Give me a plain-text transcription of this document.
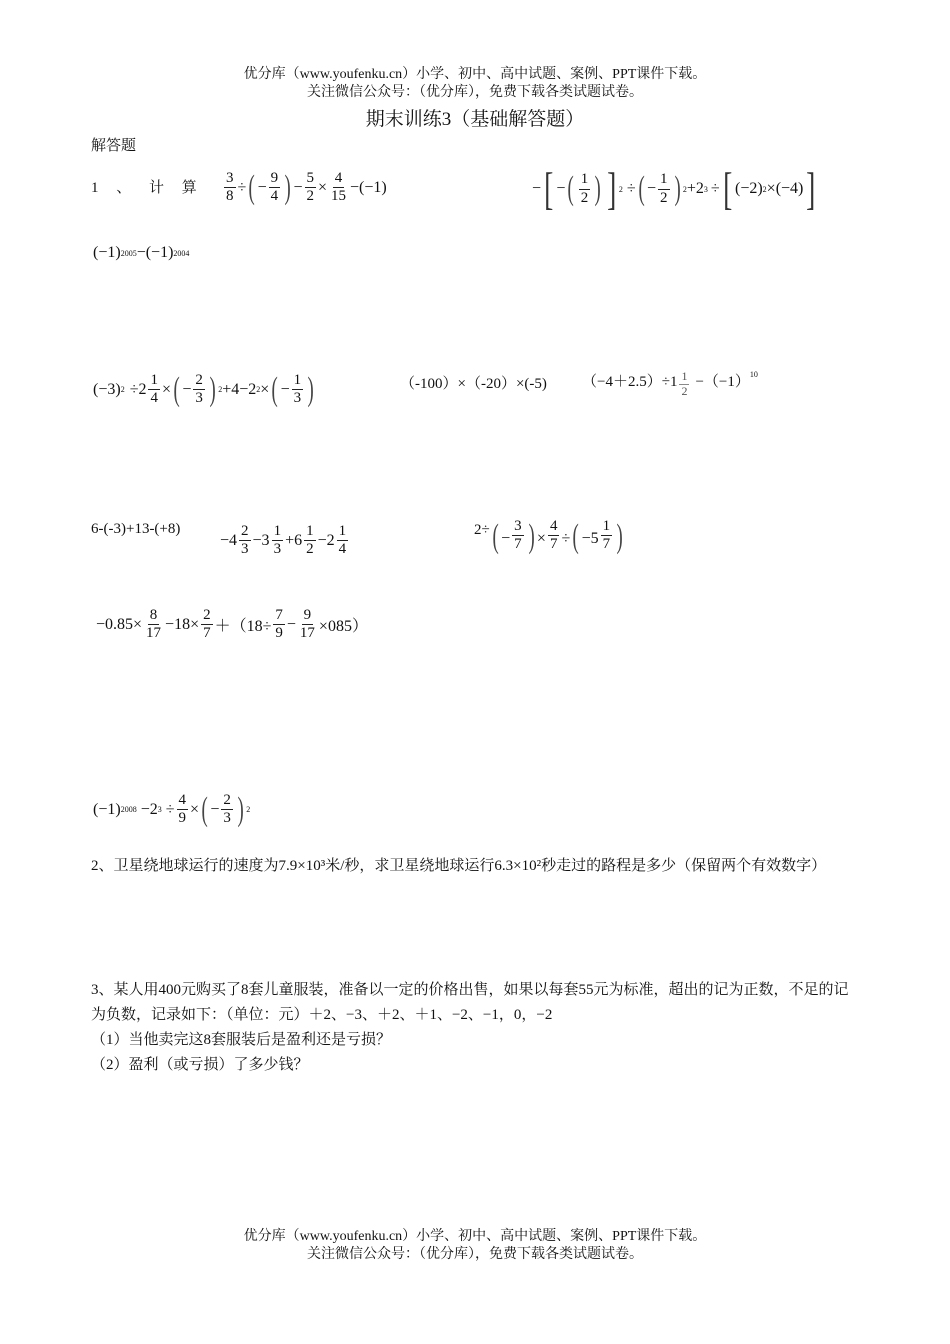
优分库（www.youfenku.cn）小学、初中、高中试题、案例、PPT课件下载。
关注微信公众号：（优分库），免费下载各类试题试卷。
期末训练3（基础解答题）
解答题
1 、 计 算 $\frac{3}{8}$ ÷ ( − $\frac{9}{4}$ ) − $\frac{5}{2} \times \frac{4}{15} -(-1)$	− [ − ( $\frac{1}{2}$ ) ] 2 ÷ ( − $\frac{1}{2}$ ) 2 +2 3 ÷ [ (−2) 2 × (−4) ]
(−1) 2005 −(−1) 2004
(−3) $2 \div 2 \frac{1}{4}$ × ( − $\frac{2}{3}$ ) 2 +4−2 2 × ( − $\frac{1}{3}$ )	（-100）×（-20）×(-5) $(-4+2.5)\div 1 \frac{1}{2} -(-1)^{10}$
6-(-3)+13-(+8)
$-4 \frac{2}{3} -3 \frac{1}{3} +6 \frac{1}{2} -2 \frac{1}{4}$	2÷ ( − $\frac{3}{7}$ ) × $\frac{4}{7}$ ÷ ( $-5 \frac{1}{7}$ )
$-0.85\times \frac{8}{17} -18\times \frac{2}{7} +(18\div \frac{7}{9} - \frac{9}{17} \times 085)$
(−1) 2008 −2 $3 \div \frac{4}{9}$ × ( − $\frac{2}{3}$ ) 2
2、卫星绕地球运行的速度为7.9×10³米/秒，求卫星绕地球运行6.3×10²秒走过的路程是多少（保留两个有效数字）
3、某人用400元购买了8套儿童服装，准备以一定的价格出售，如果以每套55元为标准，超出的记为正数，不足的记为负数，记录如下：（单位：元）＋2、−3、＋2、＋1、−2、−1，0，−2
（1）当他卖完这8套服装后是盈利还是亏损？
（2）盈利（或亏损）了多少钱？
优分库（www.youfenku.cn）小学、初中、高中试题、案例、PPT课件下载。
关注微信公众号：（优分库），免费下载各类试题试卷。
